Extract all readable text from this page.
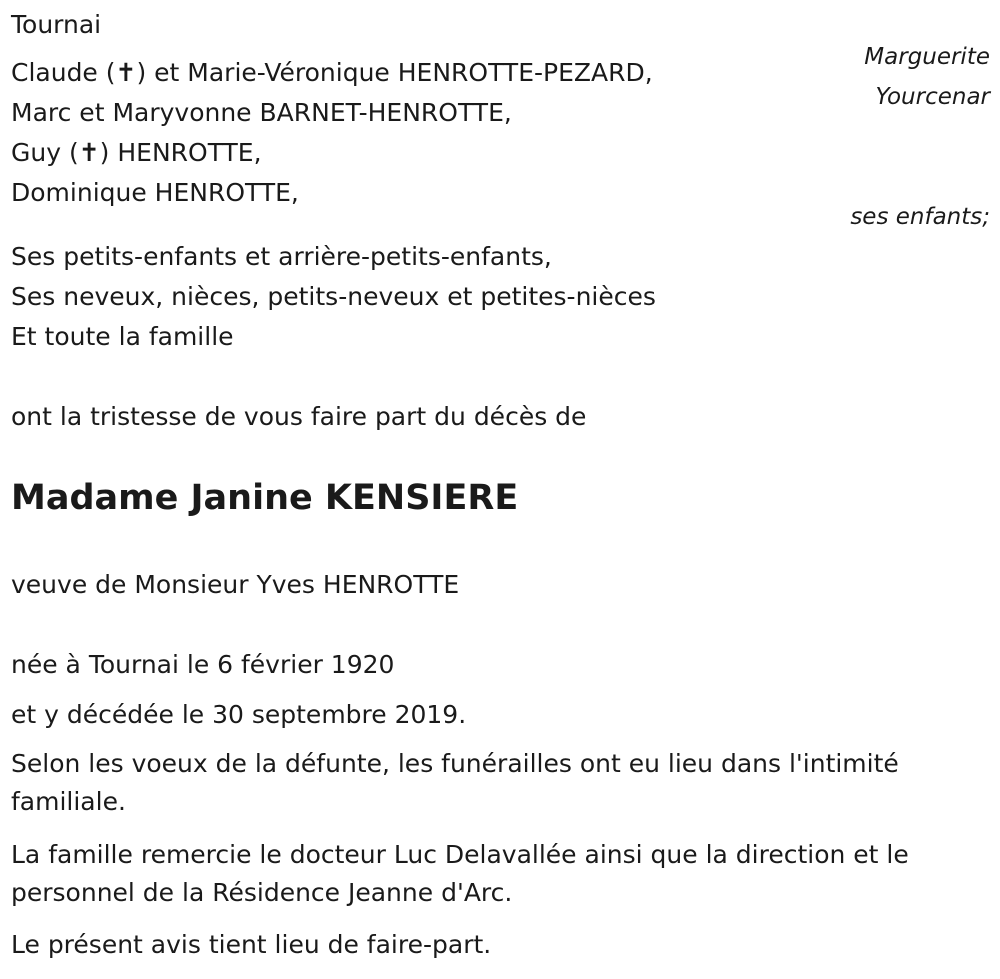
Tournai
Claude (✝) et Marie-Véronique HENROTTE-PEZARD,
Marc et Maryvonne BARNET-HENROTTE,
Guy (✝) HENROTTE,
Dominique HENROTTE,
Marguerite
Yourcenar
ses enfants;
Ses petits-enfants et arrière-petits-enfants,
Ses neveux, nièces, petits-neveux et petites-nièces
Et toute la famille
ont la tristesse de vous faire part du décès de
Madame Janine KENSIERE
veuve de Monsieur Yves HENROTTE
née à Tournai le 6 février 1920
et y décédée le 30 septembre 2019.
Selon les voeux de la défunte, les funérailles ont eu lieu dans l'intimité familiale.
La famille remercie le docteur Luc Delavallée ainsi que la direction et le personnel de la Résidence Jeanne d'Arc.
Le présent avis tient lieu de faire-part.
